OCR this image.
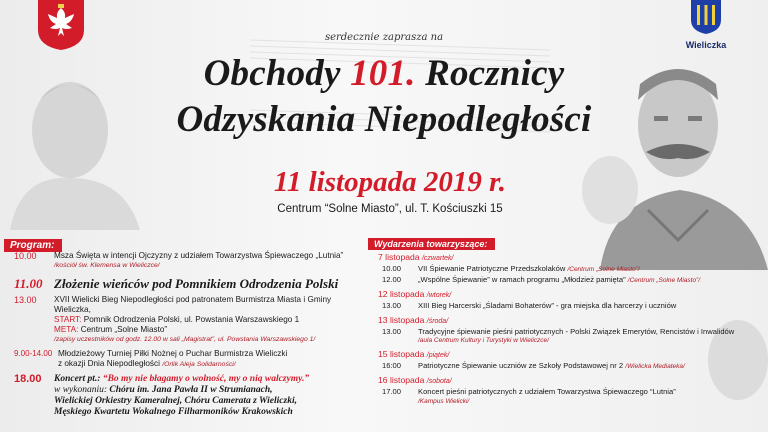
Wieliczka
serdecznie zaprasza na
Obchody 101. Rocznicy
Odzyskania Niepodległości
11 listopada 2019 r.
Centrum “Solne Miasto”, ul. T. Kościuszki 15
Program:
10.00 Msza Święta w intencji Ojczyzny z udziałem Towarzystwa Śpiewaczego „Lutnia”
/kościół św. Klemensa w Wieliczce/
11.00 Złożenie wieńców pod Pomnikiem Odrodzenia Polski
13.00 XVII Wielicki Bieg Niepodległości pod patronatem Burmistrza Miasta i Gminy Wieliczka,
START: Pomnik Odrodzenia Polski, ul. Powstania Warszawskiego 1
META: Centrum „Solne Miasto”
/zapisy uczestników od godz. 12.00 w sali „Magistrat”, ul. Powstania Warszawskiego 1/
9.00-14.00 Młodzieżowy Turniej Piłki Nożnej o Puchar Burmistrza Wieliczki
z okazji Dnia Niepodległości /Orlik Aleja Solidarności/
18.00 Koncert pt.: “Bo my nie błagamy o wolność, my o nią walczymy.”
w wykonaniu: Chóru im. Jana Pawła II w Strumianach,
Wielickiej Orkiestry Kameralnej, Chóru Camerata z Wieliczki,
Męskiego Kwartetu Wokalnego Filharmoników Krakowskich
Wydarzenia towarzyszące:
7 listopada /czwartek/
10.00 VII Śpiewanie Patriotyczne Przedszkolaków /Centrum „Solne Miasto”/
12.00 „Wspólne Śpiewanie” w ramach programu „Młodzież pamięta” /Centrum „Solne Miasto”/
12 listopada /wtorek/
13.00 XIII Bieg Harcerski „Śladami Bohaterów” - gra miejska dla harcerzy i uczniów
13 listopada /środa/
13.00 Tradycyjne śpiewanie pieśni patriotycznych - Polski Związek Emerytów, Rencistów i Inwalidów
/aula Centrum Kultury i Turystyki w Wieliczce/
15 listopada /piątek/
16:00 Patriotyczne Śpiewanie uczniów ze Szkoły Podstawowej nr 2 /Wielicka Mediateka/
16 listopada /sobota/
17.00 Koncert pieśni patriotycznych z udziałem Towarzystwa Śpiewaczego “Lutnia”
/Kampus Wielicki/
